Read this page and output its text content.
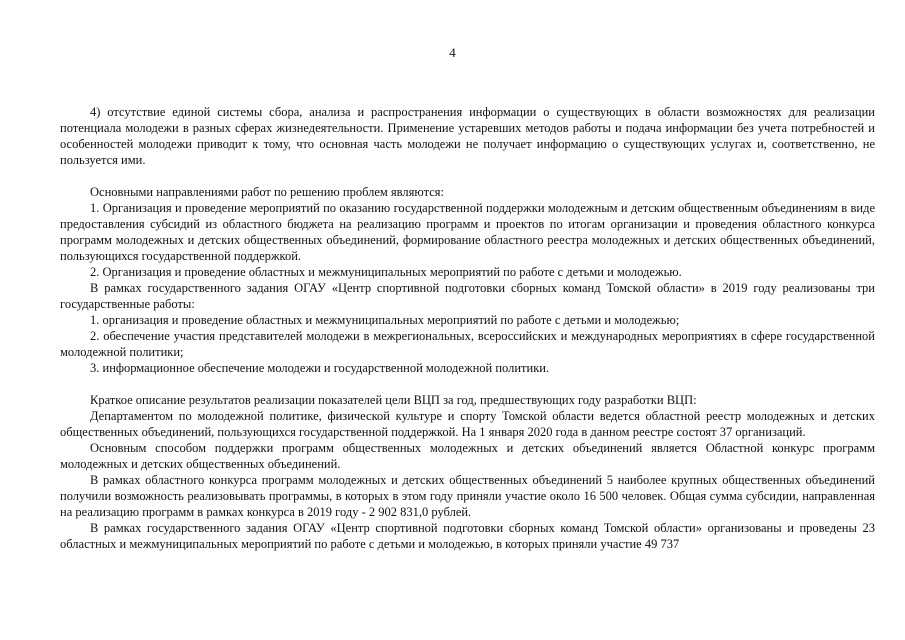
4

4) отсутствие единой системы сбора, анализа и распространения информации о существующих в области возможностях для реализации потенциала молодежи в разных сферах жизнедеятельности. Применение устаревших методов работы и подача информации без учета потребностей и особенностей молодежи приводит к тому, что основная часть молодежи не получает информацию о существующих услугах и, соответственно, не пользуется ими.

Основными направлениями работ по решению проблем являются:

1. Организация и проведение мероприятий по оказанию государственной поддержки молодежным и детским общественным объединениям в виде предоставления субсидий из областного бюджета на реализацию программ и проектов по итогам организации и проведения областного конкурса программ молодежных и детских общественных объединений, формирование областного реестра молодежных и детских общественных объединений, пользующихся государственной поддержкой.

2. Организация и проведение областных и межмуниципальных мероприятий по работе с детьми и молодежью.

В рамках государственного задания ОГАУ «Центр спортивной подготовки сборных команд Томской области» в 2019 году реализованы три государственные работы:

1. организация и проведение областных и межмуниципальных мероприятий по работе с детьми и молодежью;

2. обеспечение участия представителей молодежи в межрегиональных, всероссийских и международных мероприятиях в сфере государственной молодежной политики;

3. информационное обеспечение молодежи и государственной молодежной политики.

Краткое описание результатов реализации показателей цели ВЦП за год, предшествующих году разработки ВЦП:

Департаментом по молодежной политике, физической культуре и спорту Томской области ведется областной реестр молодежных и детских общественных объединений, пользующихся государственной поддержкой. На 1 января 2020 года в данном реестре состоят 37 организаций.

Основным способом поддержки программ общественных молодежных и детских объединений является Областной конкурс программ молодежных и детских общественных объединений.

В рамках областного конкурса программ молодежных и детских общественных объединений 5 наиболее крупных общественных объединений получили возможность реализовывать программы, в которых в этом году приняли участие около 16 500 человек. Общая сумма субсидии, направленная на реализацию программ в рамках конкурса в 2019 году - 2 902 831,0 рублей.

В рамках государственного задания ОГАУ «Центр спортивной подготовки сборных команд Томской области» организованы и проведены 23 областных и межмуниципальных мероприятий по работе с детьми и молодежью, в которых приняли участие 49 737
